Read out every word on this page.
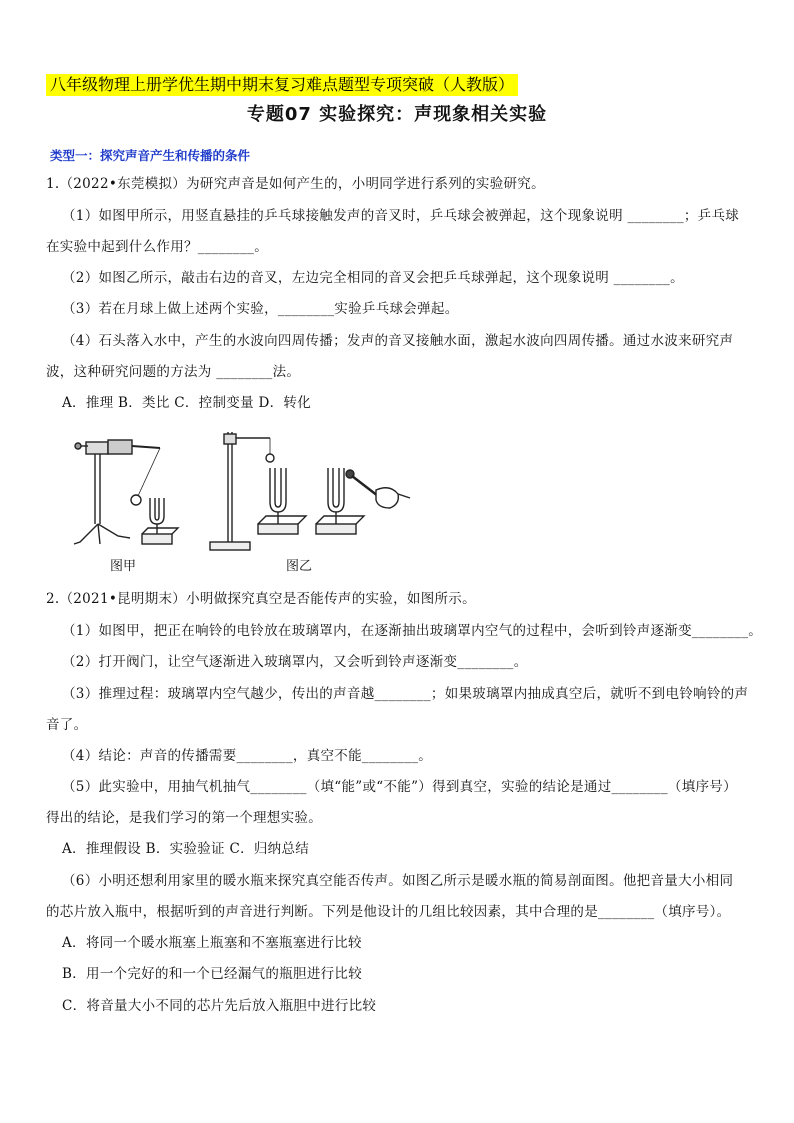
八年级物理上册学优生期中期末复习难点题型专项突破（人教版）
专题07 实验探究：声现象相关实验
类型一：探究声音产生和传播的条件
1.（2022•东莞模拟）为研究声音是如何产生的，小明同学进行系列的实验研究。
（1）如图甲所示，用竖直悬挂的乒乓球接触发声的音叉时，乒乓球会被弹起，这个现象说明 ________；乒乓球
在实验中起到什么作用？________。
（2）如图乙所示，敲击右边的音叉，左边完全相同的音叉会把乒乓球弹起，这个现象说明 ________。
（3）若在月球上做上述两个实验，________实验乒乓球会弹起。
（4）石头落入水中，产生的水波向四周传播；发声的音叉接触水面，激起水波向四周传播。通过水波来研究声
波，这种研究问题的方法为 ________法。
A．推理 B．类比 C．控制变量 D．转化
图甲	图乙
2.（2021•昆明期末）小明做探究真空是否能传声的实验，如图所示。
（1）如图甲，把正在响铃的电铃放在玻璃罩内，在逐渐抽出玻璃罩内空气的过程中，会听到铃声逐渐变________。
（2）打开阀门，让空气逐渐进入玻璃罩内，又会听到铃声逐渐变________。
（3）推理过程：玻璃罩内空气越少，传出的声音越________；如果玻璃罩内抽成真空后，就听不到电铃响铃的声
音了。
（4）结论：声音的传播需要________，真空不能________。
（5）此实验中，用抽气机抽气________（填“能”或“不能”）得到真空，实验的结论是通过________（填序号）
得出的结论，是我们学习的第一个理想实验。
A．推理假设 B．实验验证 C．归纳总结
（6）小明还想利用家里的暖水瓶来探究真空能否传声。如图乙所示是暖水瓶的简易剖面图。他把音量大小相同
的芯片放入瓶中，根据听到的声音进行判断。下列是他设计的几组比较因素，其中合理的是________（填序号）。
A．将同一个暖水瓶塞上瓶塞和不塞瓶塞进行比较
B．用一个完好的和一个已经漏气的瓶胆进行比较
C．将音量大小不同的芯片先后放入瓶胆中进行比较
